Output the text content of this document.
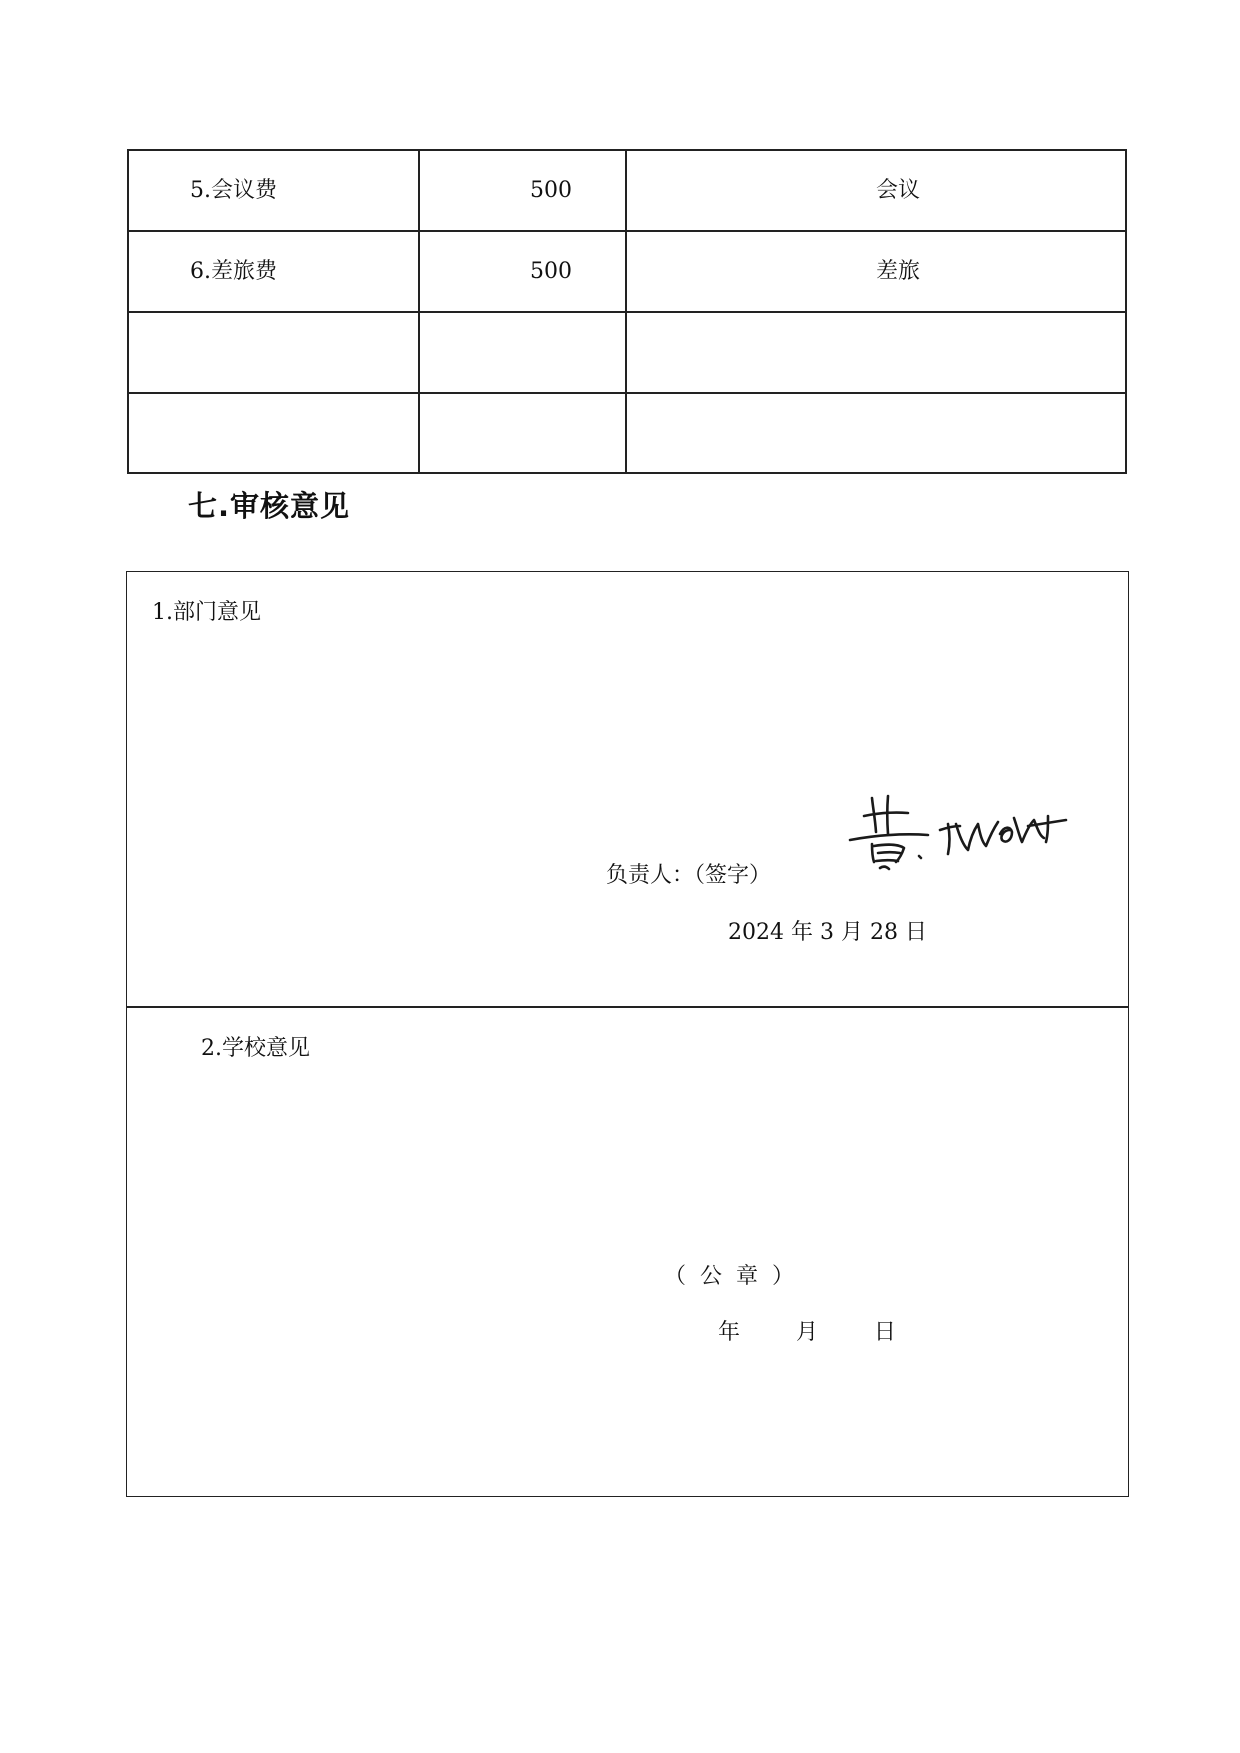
5.会议费	500	会议
6.差旅费	500	差旅
七.审核意见
1.部门意见
负责人：（签字）
2024 年 3 月 28 日
2.学校意见
（  公  章  ）
年        月        日
